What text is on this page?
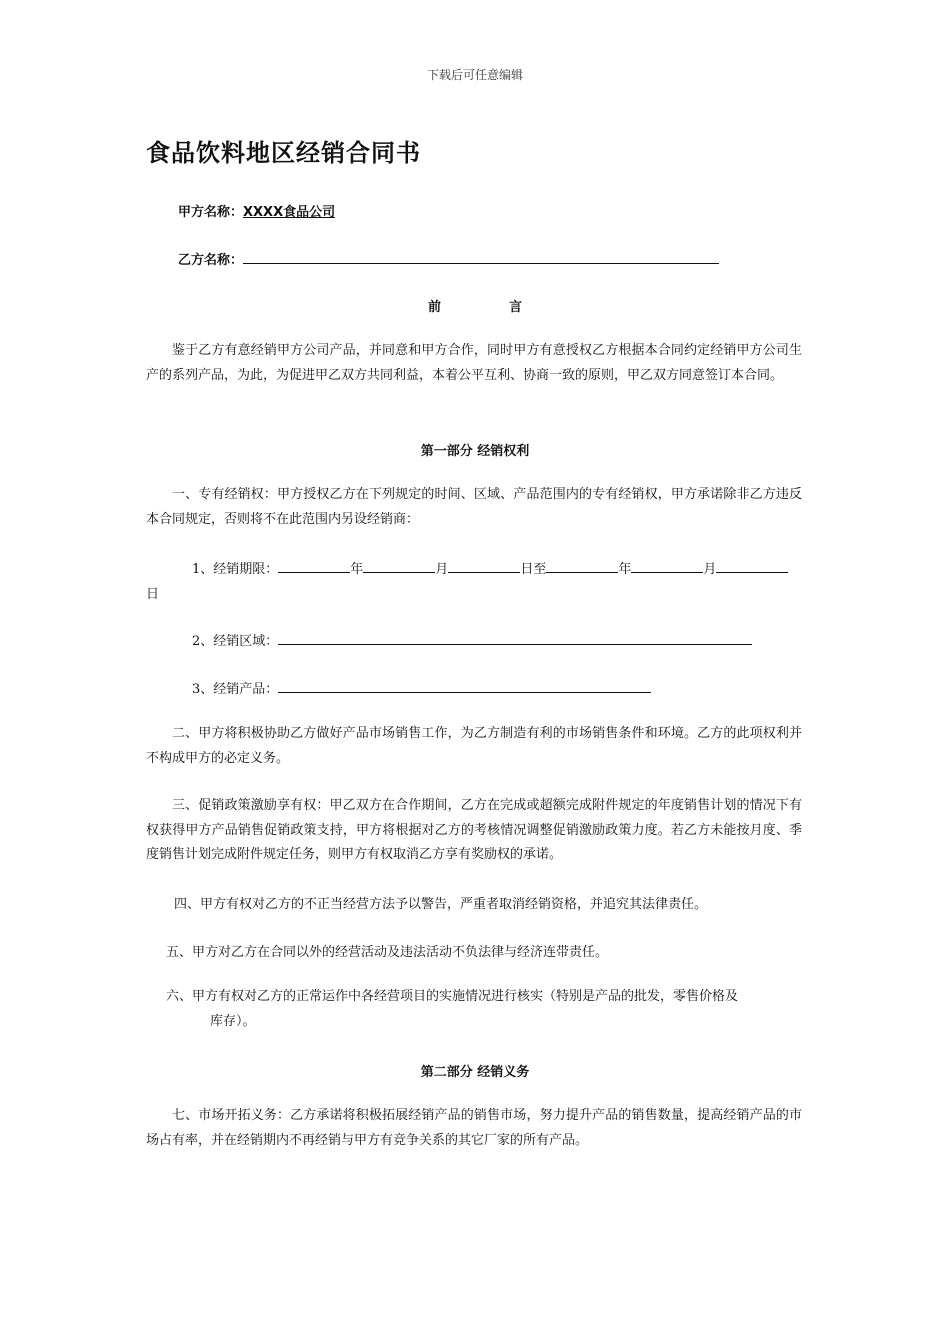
下载后可任意编辑
食品饮料地区经销合同书
甲方名称：XXXX食品公司
乙方名称：
前	言
鉴于乙方有意经销甲方公司产品，并同意和甲方合作，同时甲方有意授权乙方根据本合同约定经销甲方公司生产的系列产品，为此，为促进甲乙双方共同利益，本着公平互利、协商一致的原则，甲乙双方同意签订本合同。
第一部分 经销权利
一、专有经销权：甲方授权乙方在下列规定的时间、区域、产品范围内的专有经销权，甲方承诺除非乙方违反本合同规定，否则将不在此范围内另设经销商：
1、经销期限：	年	月	日至	年	月
日
2、经销区域：
3、经销产品：
二、甲方将积极协助乙方做好产品市场销售工作，为乙方制造有利的市场销售条件和环境。乙方的此项权利并不构成甲方的必定义务。
三、促销政策激励享有权：甲乙双方在合作期间，乙方在完成或超额完成附件规定的年度销售计划的情况下有权获得甲方产品销售促销政策支持，甲方将根据对乙方的考核情况调整促销激励政策力度。若乙方未能按月度、季度销售计划完成附件规定任务，则甲方有权取消乙方享有奖励权的承诺。
四、甲方有权对乙方的不正当经营方法予以警告，严重者取消经销资格，并追究其法律责任。
五、甲方对乙方在合同以外的经营活动及违法活动不负法律与经济连带责任。
六、甲方有权对乙方的正常运作中各经营项目的实施情况进行核实（特别是产品的批发，零售价格及
库存）。
第二部分 经销义务
七、市场开拓义务：乙方承诺将积极拓展经销产品的销售市场，努力提升产品的销售数量，提高经销产品的市场占有率，并在经销期内不再经销与甲方有竞争关系的其它厂家的所有产品。
